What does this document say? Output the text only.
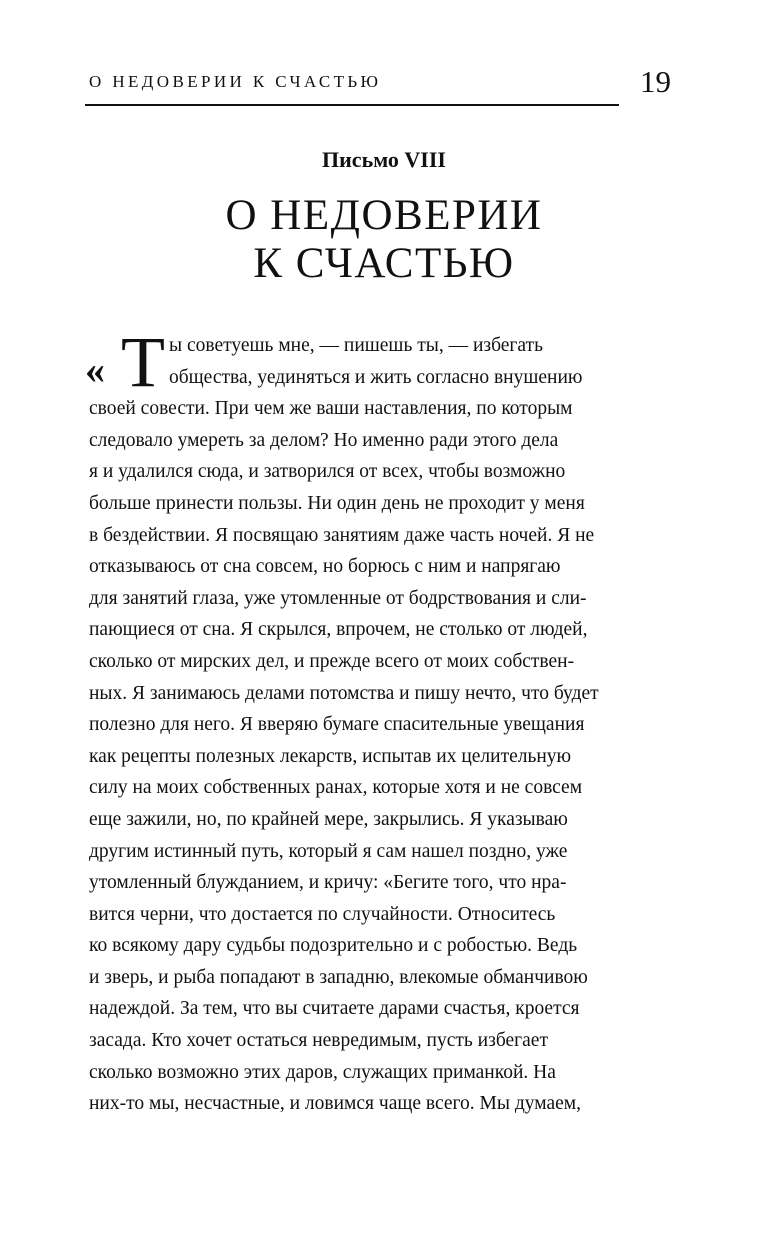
О НЕДОВЕРИИ К СЧАСТЬЮ	19
Письмо VIII
О НЕДОВЕРИИ
К СЧАСТЬЮ
« Т ы советуешь мне, — пишешь ты, — избегать
общества, уединяться и жить согласно внушению
своей совести. При чем же ваши наставления, по которым
следовало умереть за делом? Но именно ради этого дела
я и удалился сюда, и затворился от всех, чтобы возможно
больше принести пользы. Ни один день не проходит у меня
в бездействии. Я посвящаю занятиям даже часть ночей. Я не
отказываюсь от сна совсем, но борюсь с ним и напрягаю
для занятий глаза, уже утомленные от бодрствования и сли-
пающиеся от сна. Я скрылся, впрочем, не столько от людей,
сколько от мирских дел, и прежде всего от моих собствен-
ных. Я занимаюсь делами потомства и пишу нечто, что будет
полезно для него. Я вверяю бумаге спасительные увещания
как рецепты полезных лекарств, испытав их целительную
силу на моих собственных ранах, которые хотя и не совсем
еще зажили, но, по крайней мере, закрылись. Я указываю
другим истинный путь, который я сам нашел поздно, уже
утомленный блужданием, и кричу: «Бегите того, что нра-
вится черни, что достается по случайности. Относитесь
ко всякому дару судьбы подозрительно и с робостью. Ведь
и зверь, и рыба попадают в западню, влекомые обманчивою
надеждой. За тем, что вы считаете дарами счастья, кроется
засада. Кто хочет остаться невредимым, пусть избегает
сколько возможно этих даров, служащих приманкой. На
них-то мы, несчастные, и ловимся чаще всего. Мы думаем,
